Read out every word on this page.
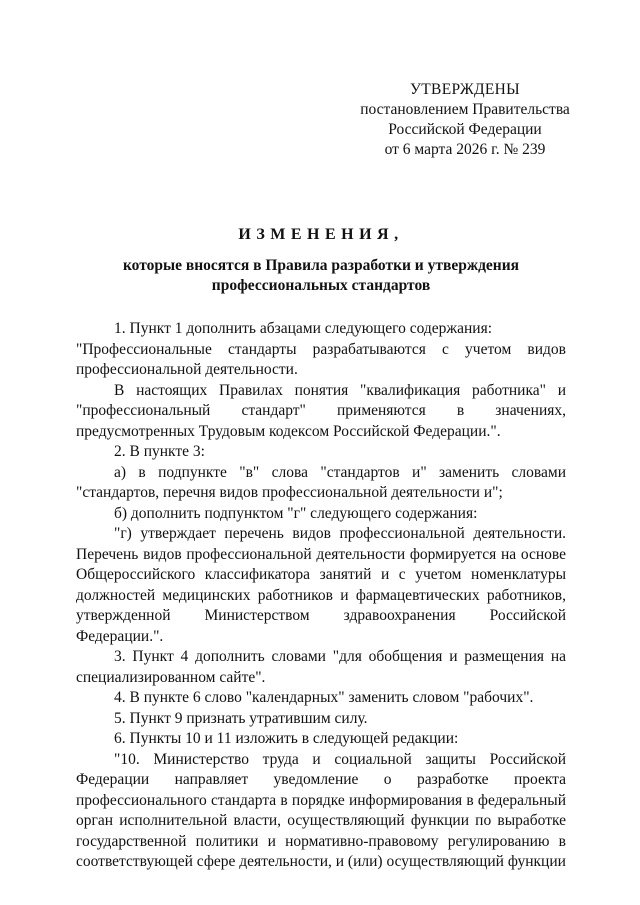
УТВЕРЖДЕНЫ
постановлением Правительства
Российской Федерации
от 6 марта 2026 г. № 239
ИЗМЕНЕНИЯ,
которые вносятся в Правила разработки и утверждения
профессиональных стандартов

1. Пункт 1 дополнить абзацами следующего содержания:

"Профессиональные стандарты разрабатываются с учетом видов профессиональной деятельности.

В настоящих Правилах понятия "квалификация работника" и "профессиональный стандарт" применяются в значениях, предусмотренных Трудовым кодексом Российской Федерации.".

2. В пункте 3:

а) в подпункте "в" слова "стандартов и" заменить словами "стандартов, перечня видов профессиональной деятельности и";

б) дополнить подпунктом "г" следующего содержания:

"г) утверждает перечень видов профессиональной деятельности. Перечень видов профессиональной деятельности формируется на основе Общероссийского классификатора занятий и с учетом номенклатуры должностей медицинских работников и фармацевтических работников, утвержденной Министерством здравоохранения Российской Федерации.".

3. Пункт 4 дополнить словами "для обобщения и размещения на специализированном сайте".

4. В пункте 6 слово "календарных" заменить словом "рабочих".

5. Пункт 9 признать утратившим силу.

6. Пункты 10 и 11 изложить в следующей редакции:

"10. Министерство труда и социальной защиты Российской Федерации направляет уведомление о разработке проекта профессионального стандарта в порядке информирования в федеральный орган исполнительной власти, осуществляющий функции по выработке государственной политики и нормативно-правовому регулированию в соответствующей сфере деятельности, и (или) осуществляющий функции
